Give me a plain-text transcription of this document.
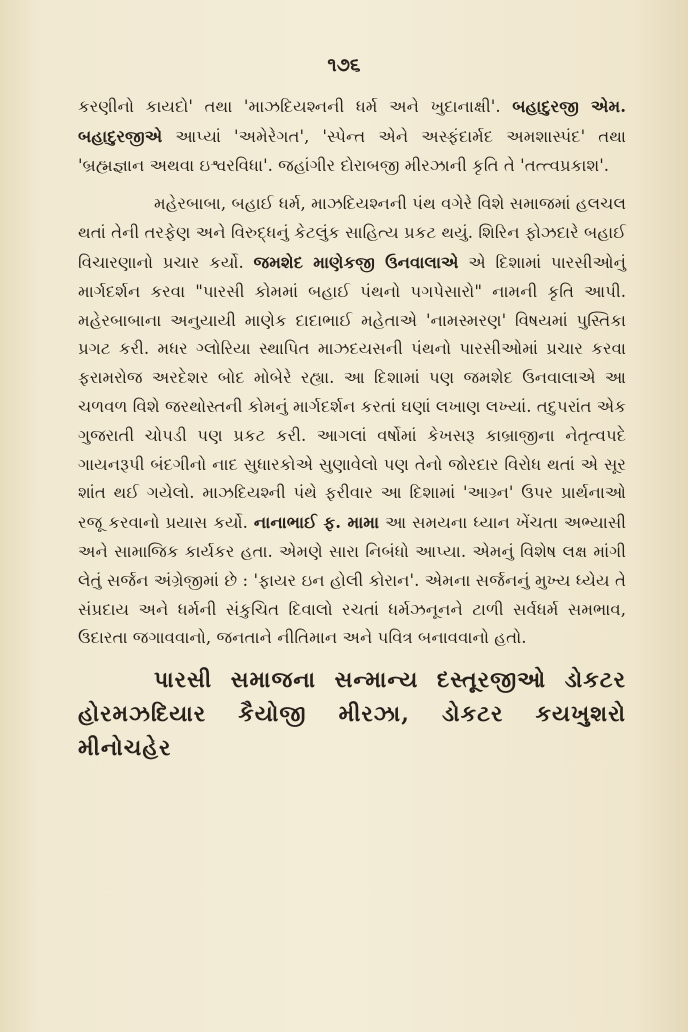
૧૭૬

કરણીનો કાયદો' તથા 'માઝદિયશ્નની ધર્મ અને ખુદાનાક્ષી'. બહાદુરજી એમ. બહાદુરજીએ આપ્યાં 'અમેરેગત', 'સ્પેન્ત એને અસ્ફંદાર્મદ અમશાસ્પંદ' તથા 'બ્રહ્મજ્ઞાન અથવા ઇશ્વરવિધા'. જહાંગીર દોરાબજી મીરઝાની કૃતિ તે 'તત્ત્વપ્રકાશ'.

મહેરબાબા, બહાઈ ધર્મ, માઝદિયશ્નની પંથ વગેરે વિશે સમાજમાં હલચલ થતાં તેની તરફેણ અને વિરુદ્ધનું કેટલુંક સાહિત્ય પ્રકટ થયું. શિરિન ફોઝદારે બહાઈ વિચારણાનો પ્રચાર કર્યો. જમશેદ માણેકજી ઉનવાલાએ એ દિશામાં પારસીઓનું માર્ગદર્શન કરવા "પારસી કોમમાં બહાઈ પંથનો પગપેસારો" નામની કૃતિ આપી. મહેરબાબાના અનુયાયી માણેક દાદાભાઈ મહેતાએ 'નામસ્મરણ' વિષયમાં પુસ્તિકા પ્રગટ કરી. મધર ગ્લોરિયા સ્થાપિત માઝદયસની પંથનો પારસીઓમાં પ્રચાર કરવા ફરામરોજ અરદેશર બોદ મોબેરે રહ્યા. આ દિશામાં પણ જમશેદ ઉનવાલાએ આ ચળવળ વિશે જરથોસ્તની કોમનું માર્ગદર્શન કરતાં ઘણાં લખાણ લખ્યાં. તદુપરાંત એક ગુજરાતી ચોપડી પણ પ્રકટ કરી. આગલાં વર્ષોમાં કેખસરૂ કાબ્રાજીના નેતૃત્વપદે ગાયનરૂપી બંદગીનો નાદ સુધારકોએ સુણાવેલો પણ તેનો જોરદાર વિરોધ થતાં એ સૂર શાંત થઈ ગયેલો. માઝદિયશ્ની પંથે ફરીવાર આ દિશામાં 'આગ્ર્ન' ઉપર પ્રાર્થનાઓ રજૂ કરવાનો પ્રયાસ કર્યો. નાનાભાઈ ફ. મામા આ સમયના ધ્યાન ખેંચતા અભ્યાસી અને સામાજિક કાર્યકર હતા. એમણે સારા નિબંધો આપ્યા. એમનું વિશેષ લક્ષ માંગી લેતું સર્જન અંગ્રેજીમાં છે : 'ફાયર ઇન હોલી કોરાન'. એમના સર્જનનું મુખ્ય ધ્યેય તે સંપ્રદાય અને ધર્મની સંકુચિત દિવાલો રચતાં ધર્મઝનૂનને ટાળી સર્વધર્મ સમભાવ, ઉદારતા જગાવવાનો, જનતાને નીતિમાન અને પવિત્ર બનાવવાનો હતો.

પારસી સમાજના સન્માન્ય દસ્તૂરજીઓ ડોકટર હોરમઝદિયાર કૈયોજી મીરઝા, ડોકટર કયખુશરો મીનોચહેર
